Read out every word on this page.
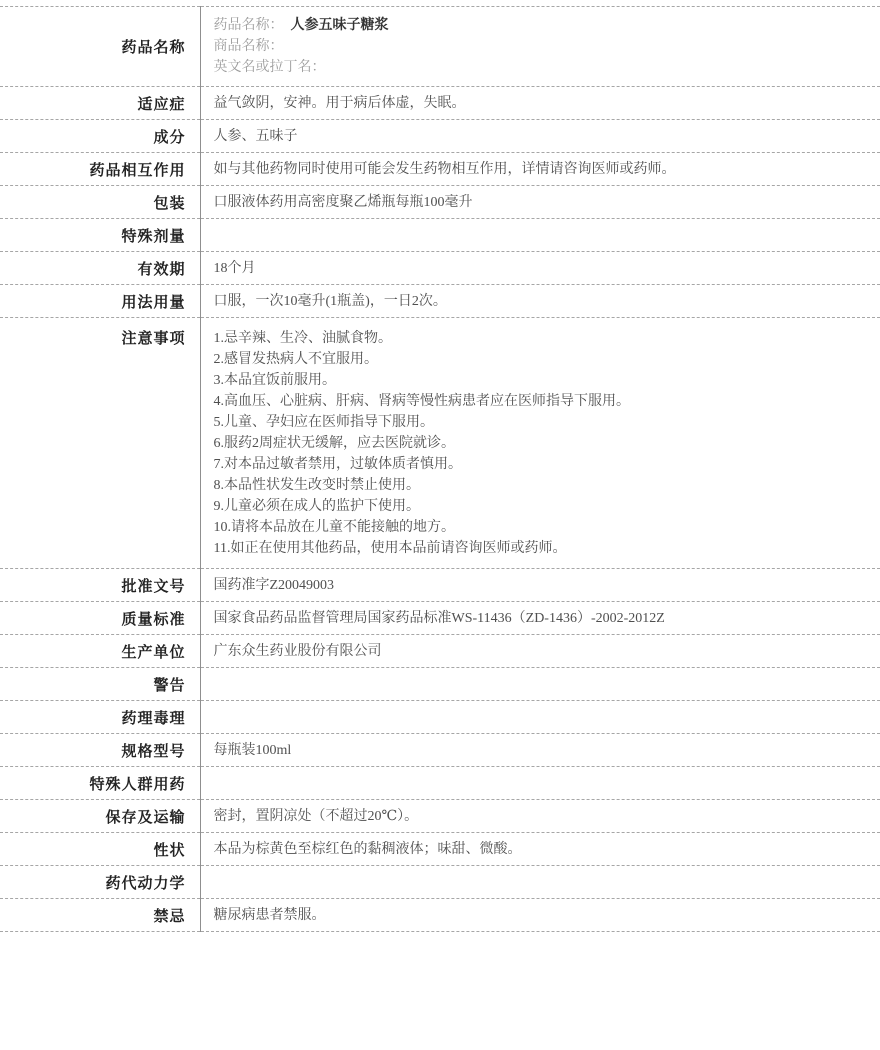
药品名称	药品名称： 人参五味子糖浆
商品名称：
英文名或拉丁名：

适应症	益气敛阴，安神。用于病后体虚，失眠。
成分	人参、五味子
药品相互作用	如与其他药物同时使用可能会发生药物相互作用，详情请咨询医师或药师。
包装	口服液体药用高密度聚乙烯瓶每瓶100毫升
特殊剂量	
有效期	18个月
用法用量	口服，一次10毫升(1瓶盖)，一日2次。
注意事项	1.忌辛辣、生冷、油腻食物。
2.感冒发热病人不宜服用。
3.本品宜饭前服用。
4.高血压、心脏病、肝病、肾病等慢性病患者应在医师指导下服用。
5.儿童、孕妇应在医师指导下服用。
6.服药2周症状无缓解，应去医院就诊。
7.对本品过敏者禁用，过敏体质者慎用。
8.本品性状发生改变时禁止使用。
9.儿童必须在成人的监护下使用。
10.请将本品放在儿童不能接触的地方。
11.如正在使用其他药品，使用本品前请咨询医师或药师。

批准文号	国药准字Z20049003
质量标准	国家食品药品监督管理局国家药品标准WS-11436（ZD-1436）-2002-2012Z
生产单位	广东众生药业股份有限公司
警告	
药理毒理	
规格型号	每瓶装100ml
特殊人群用药	
保存及运输	密封，置阴凉处（不超过20℃）。
性状	本品为棕黄色至棕红色的黏稠液体；味甜、微酸。
药代动力学	
禁忌	糖尿病患者禁服。
